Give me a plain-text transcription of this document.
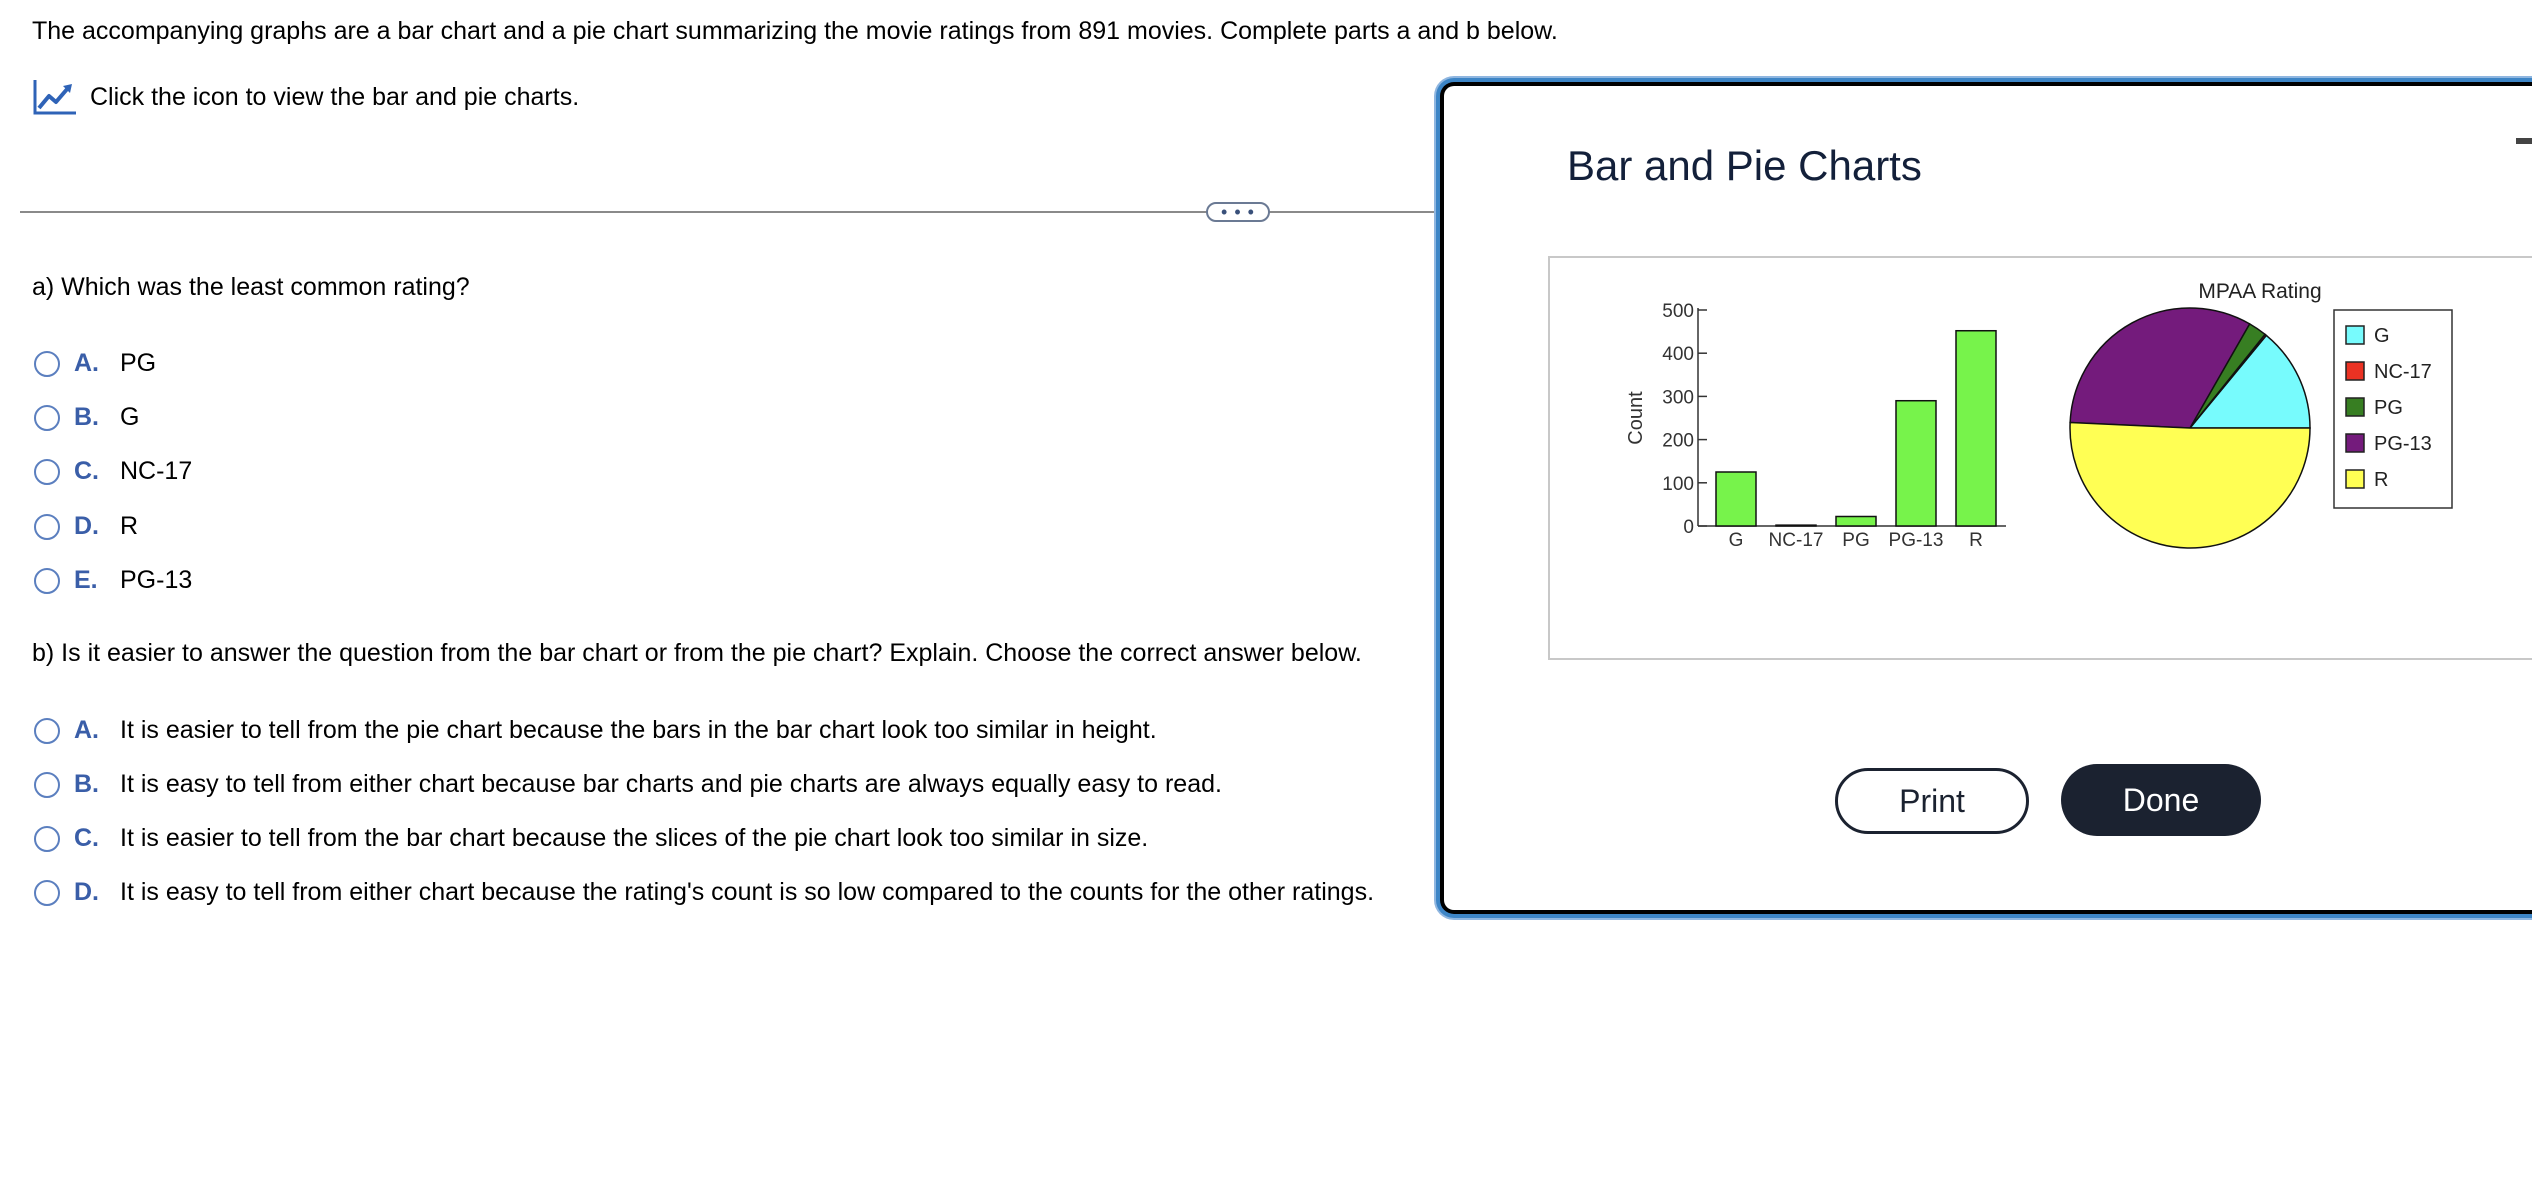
The accompanying graphs are a bar chart and a pie chart summarizing the movie ratings from 891 movies. Complete parts a and b below.
Click the icon to view the bar and pie charts.
• • •
a) Which was the least common rating?
A. PG
B. G
C. NC-17
D. R
E. PG-13
b) Is it easier to answer the question from the bar chart or from the pie chart? Explain. Choose the correct answer below.
A. It is easier to tell from the pie chart because the bars in the bar chart look too similar in height.
B. It is easy to tell from either chart because bar charts and pie charts are always equally easy to read.
C. It is easier to tell from the bar chart because the slices of the pie chart look too similar in size.
D. It is easy to tell from either chart because the rating's count is so low compared to the counts for the other ratings.
Bar and Pie Charts
0
100
200
300
400
500
Count
G NC-17 PG PG-13 R
MPAA Rating
G
NC-17
PG
PG-13
R
Print	Done
